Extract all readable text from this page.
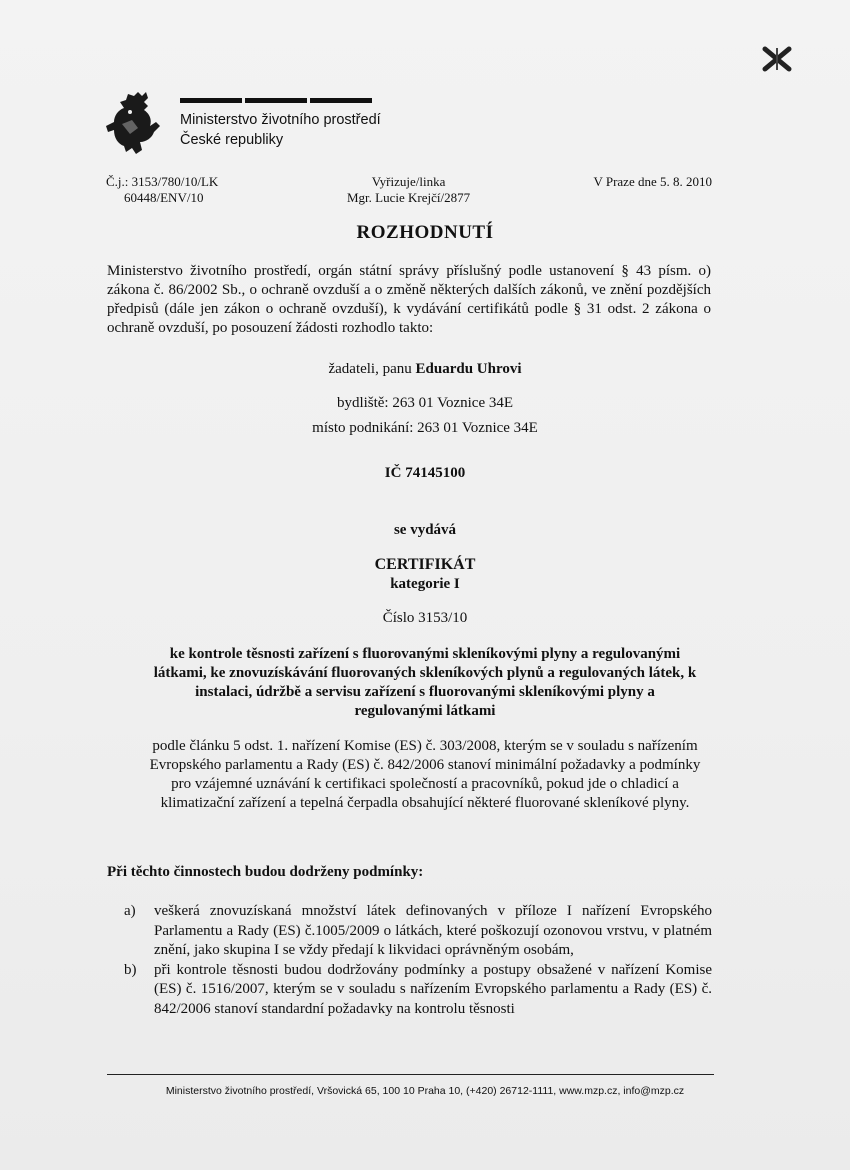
Ministerstvo životního prostředí
České republiky
Č.j.: 3153/780/10/LK
60448/ENV/10
Vyřizuje/linka
Mgr. Lucie Krejčí/2877
V Praze dne 5. 8. 2010
ROZHODNUTÍ
Ministerstvo životního prostředí, orgán státní správy příslušný podle ustanovení § 43 písm. o) zákona č. 86/2002 Sb., o ochraně ovzduší a o změně některých dalších zákonů, ve znění pozdějších předpisů (dále jen zákon o ochraně ovzduší), k vydávání certifikátů podle § 31 odst. 2 zákona o ochraně ovzduší, po posouzení žádosti rozhodlo takto:
žadateli, panu Eduardu Uhrovi
bydliště: 263 01 Voznice 34E
místo podnikání: 263 01 Voznice 34E
IČ 74145100
se vydává
CERTIFIKÁT
kategorie I
Číslo 3153/10
ke kontrole těsnosti zařízení s fluorovanými skleníkovými plyny a regulovanými látkami, ke znovuzískávání fluorovaných skleníkových plynů a regulovaných látek, k instalaci, údržbě a servisu zařízení s fluorovanými skleníkovými plyny a regulovanými látkami
podle článku 5 odst. 1. nařízení Komise (ES) č. 303/2008, kterým se v souladu s nařízením Evropského parlamentu a Rady (ES) č. 842/2006 stanoví minimální požadavky a podmínky pro vzájemné uznávání k certifikaci společností a pracovníků, pokud jde o chladicí a klimatizační zařízení a tepelná čerpadla obsahující některé fluorované skleníkové plyny.
Při těchto činnostech budou dodrženy podmínky:
a)	veškerá znovuzískaná množství látek definovaných v příloze I nařízení Evropského Parlamentu a Rady (ES) č.1005/2009 o látkách, které poškozují ozonovou vrstvu, v platném znění, jako skupina I se vždy předají k likvidaci oprávněným osobám,
b)	při kontrole těsnosti budou dodržovány podmínky a postupy obsažené v nařízení Komise (ES) č. 1516/2007, kterým se v souladu s nařízením Evropského parlamentu a Rady (ES) č. 842/2006 stanoví standardní požadavky na kontrolu těsnosti
Ministerstvo životního prostředí, Vršovická 65, 100 10 Praha 10, (+420) 26712-1111, www.mzp.cz, info@mzp.cz
